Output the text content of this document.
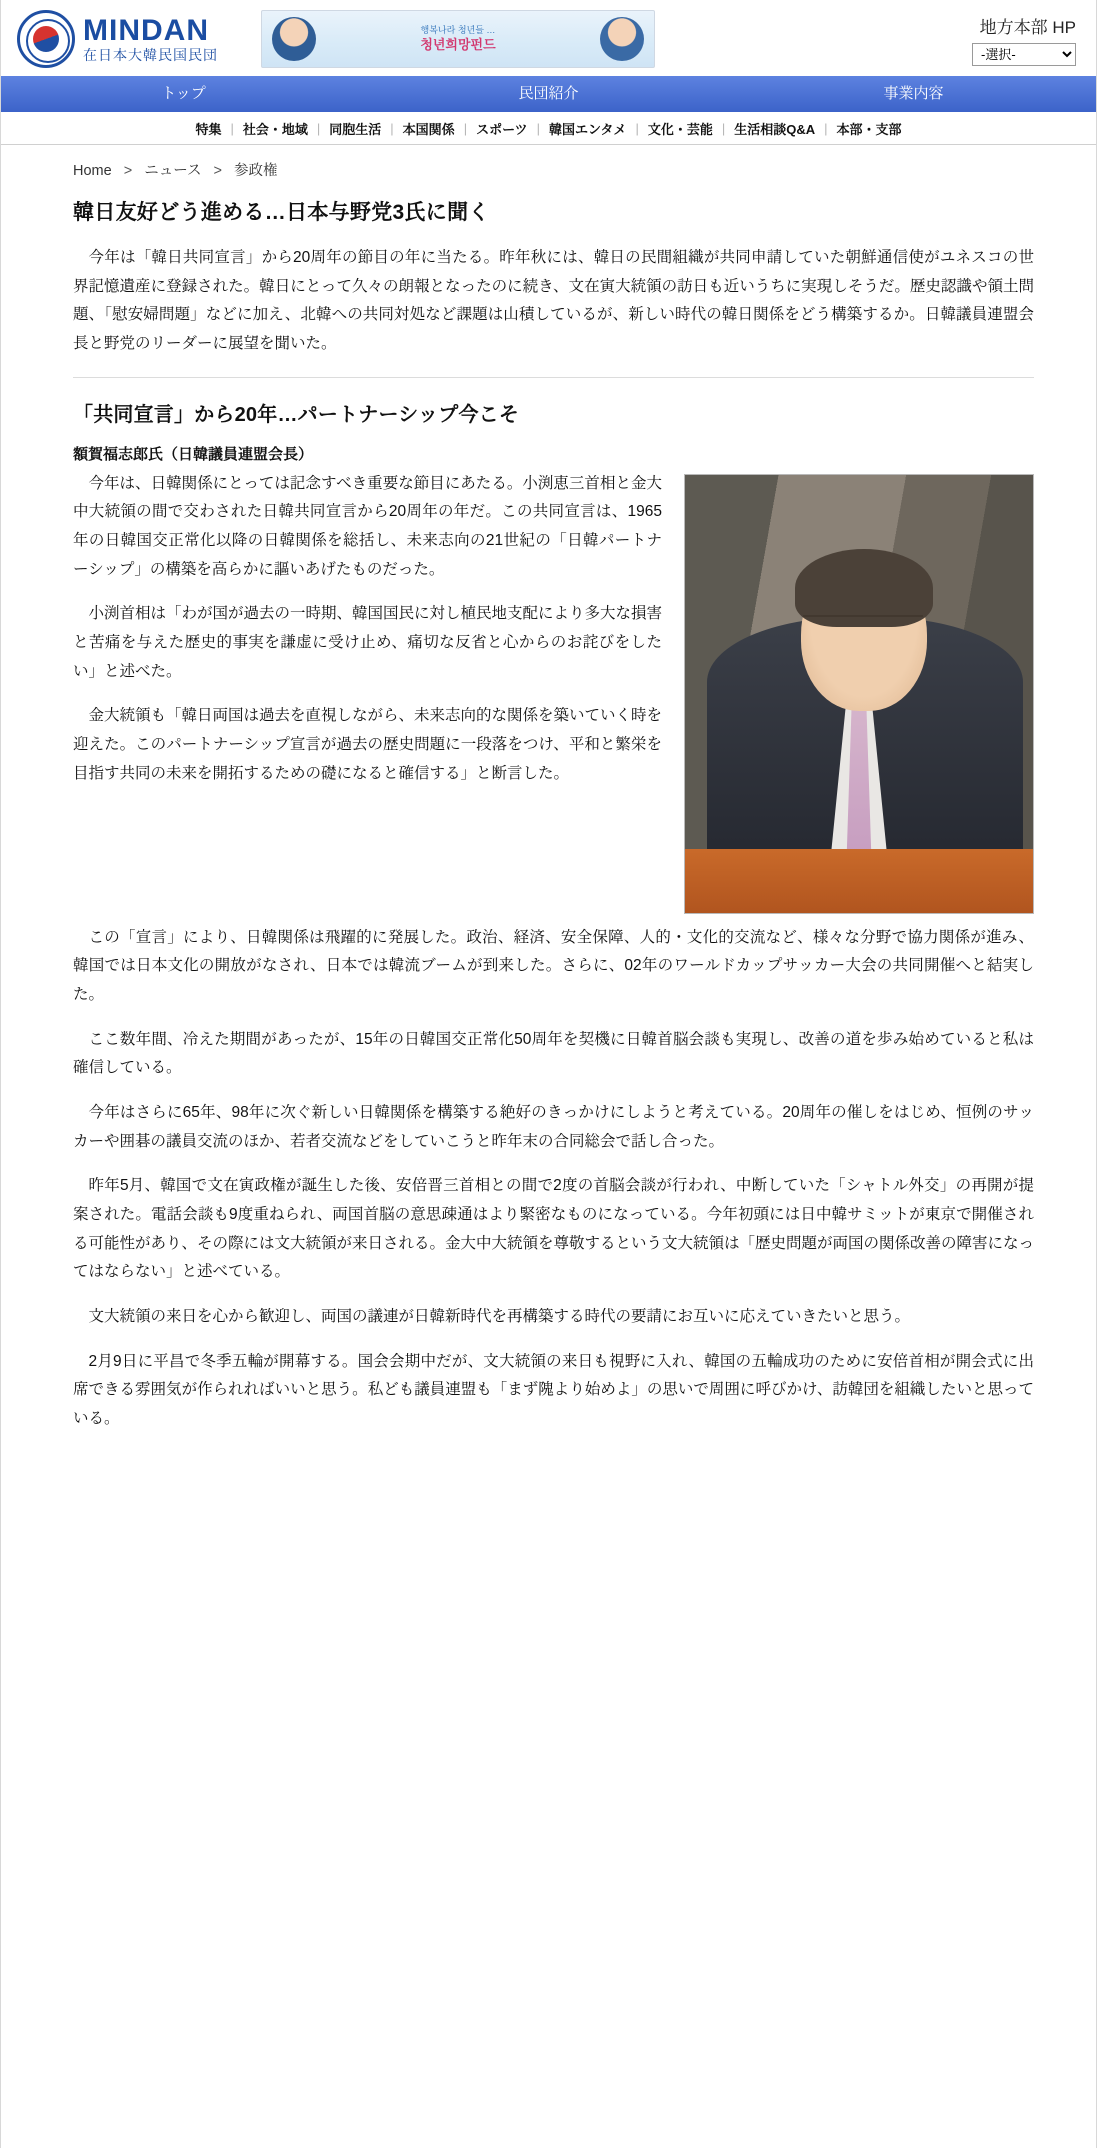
MINDAN
在日本大韓民国民団
행복나라 청년들 …
청년희망펀드
地方本部 HP
-選択-
トップ	民団紹介	事業内容
特集 | 社会・地域 | 同胞生活 | 本国関係 | スポーツ | 韓国エンタメ | 文化・芸能 | 生活相談Q&A | 本部・支部
Home > ニュース > 参政権
韓日友好どう進める…日本与野党3氏に聞く

今年は「韓日共同宣言」から20周年の節目の年に当たる。昨年秋には、韓日の民間組織が共同申請していた朝鮮通信使がユネスコの世界記憶遺産に登録された。韓日にとって久々の朗報となったのに続き、文在寅大統領の訪日も近いうちに実現しそうだ。歴史認識や領土問題、「慰安婦問題」などに加え、北韓への共同対処など課題は山積しているが、新しい時代の韓日関係をどう構築するか。日韓議員連盟会長と野党のリーダーに展望を聞いた。

「共同宣言」から20年…パートナーシップ今こそ
額賀福志郎氏（日韓議員連盟会長）

今年は、日韓関係にとっては記念すべき重要な節目にあたる。小渕恵三首相と金大中大統領の間で交わされた日韓共同宣言から20周年の年だ。この共同宣言は、1965年の日韓国交正常化以降の日韓関係を総括し、未来志向の21世紀の「日韓パートナーシップ」の構築を高らかに謳いあげたものだった。

小渕首相は「わが国が過去の一時期、韓国国民に対し植民地支配により多大な損害と苦痛を与えた歴史的事実を謙虚に受け止め、痛切な反省と心からのお詫びをしたい」と述べた。

金大統領も「韓日両国は過去を直視しながら、未来志向的な関係を築いていく時を迎えた。このパートナーシップ宣言が過去の歴史問題に一段落をつけ、平和と繁栄を目指す共同の未来を開拓するための礎になると確信する」と断言した。

この「宣言」により、日韓関係は飛躍的に発展した。政治、経済、安全保障、人的・文化的交流など、様々な分野で協力関係が進み、韓国では日本文化の開放がなされ、日本では韓流ブームが到来した。さらに、02年のワールドカップサッカー大会の共同開催へと結実した。

ここ数年間、冷えた期間があったが、15年の日韓国交正常化50周年を契機に日韓首脳会談も実現し、改善の道を歩み始めていると私は確信している。

今年はさらに65年、98年に次ぐ新しい日韓関係を構築する絶好のきっかけにしようと考えている。20周年の催しをはじめ、恒例のサッカーや囲碁の議員交流のほか、若者交流などをしていこうと昨年末の合同総会で話し合った。

昨年5月、韓国で文在寅政権が誕生した後、安倍晋三首相との間で2度の首脳会談が行われ、中断していた「シャトル外交」の再開が提案された。電話会談も9度重ねられ、両国首脳の意思疎通はより緊密なものになっている。今年初頭には日中韓サミットが東京で開催される可能性があり、その際には文大統領が来日される。金大中大統領を尊敬するという文大統領は「歴史問題が両国の関係改善の障害になってはならない」と述べている。

文大統領の来日を心から歓迎し、両国の議連が日韓新時代を再構築する時代の要請にお互いに応えていきたいと思う。

2月9日に平昌で冬季五輪が開幕する。国会会期中だが、文大統領の来日も視野に入れ、韓国の五輪成功のために安倍首相が開会式に出席できる雰囲気が作られればいいと思う。私ども議員連盟も「まず隗より始めよ」の思いで周囲に呼びかけ、訪韓団を組織したいと思っている。
